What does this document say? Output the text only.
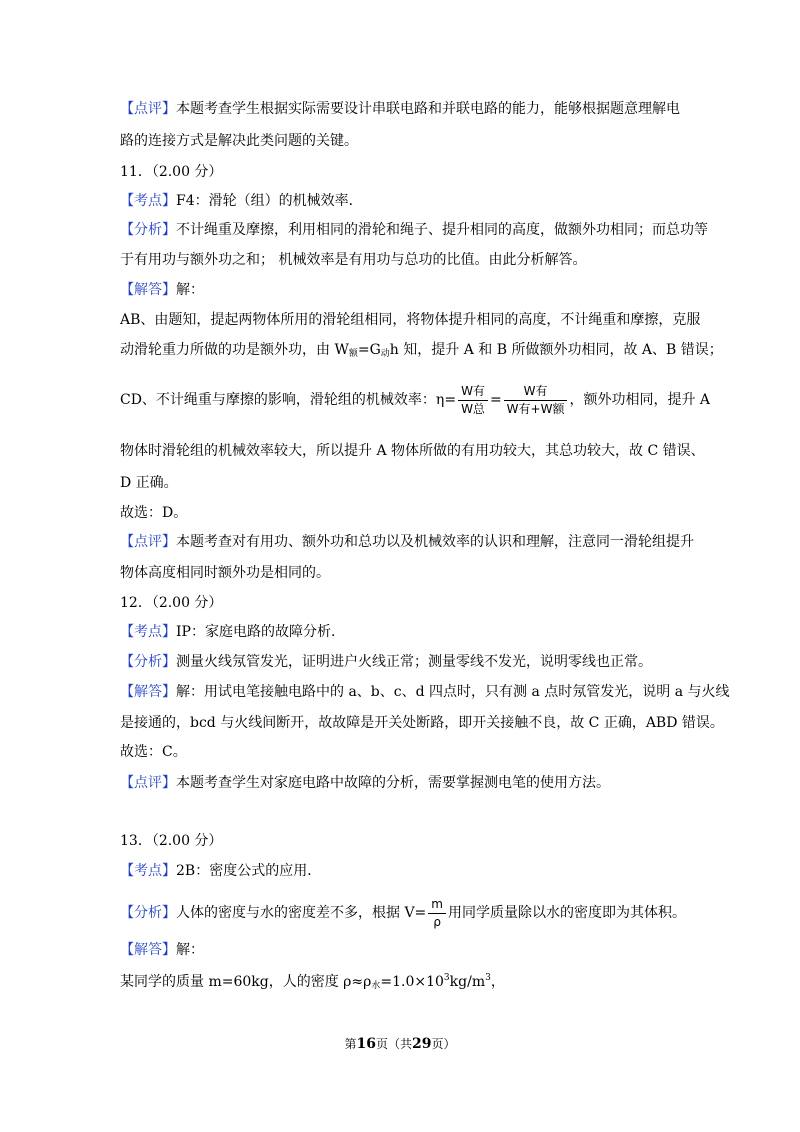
【点评】本题考查学生根据实际需要设计串联电路和并联电路的能力，能够根据题意理解电
路的连接方式是解决此类问题的关键。
11．（2.00 分）
【考点】F4：滑轮（组）的机械效率．
【分析】不计绳重及摩擦，利用相同的滑轮和绳子、提升相同的高度，做额外功相同；而总功等
于有用功与额外功之和； 机械效率是有用功与总功的比值。由此分析解答。
【解答】解：
AB、由题知，提起两物体所用的滑轮组相同，将物体提升相同的高度，不计绳重和摩擦，克服
动滑轮重力所做的功是额外功，由 $W_额=G_动h$ 知，提升 A 和 B 所做额外功相同，故 A、B 错误；
CD、不计绳重与摩擦的影响，滑轮组的机械效率：$\eta= \frac{\text{W有}}{\text{W总}} = \frac{\text{W有}}{\text{W有+W额}}$ ，额外功相同，提升 A
物体时滑轮组的机械效率较大，所以提升 A 物体所做的有用功较大，其总功较大，故 C 错误、
D 正确。
故选：D。
【点评】本题考查对有用功、额外功和总功以及机械效率的认识和理解，注意同一滑轮组提升
物体高度相同时额外功是相同的。
12．（2.00 分）
【考点】IP：家庭电路的故障分析．
【分析】测量火线氖管发光，证明进户火线正常；测量零线不发光，说明零线也正常。
【解答】解：用试电笔接触电路中的 a、b、c、d 四点时，只有测 a 点时氖管发光，说明 a 与火线
是接通的，bcd 与火线间断开，故故障是开关处断路，即开关接触不良，故 C 正确，ABD 错误。
故选：C。
【点评】本题考查学生对家庭电路中故障的分析，需要掌握测电笔的使用方法。
13．（2.00 分）
【考点】2B：密度公式的应用．
【分析】人体的密度与水的密度差不多，根据 $V= \frac{m}{\rho}$ 用同学质量除以水的密度即为其体积。
【解答】解：
某同学的质量 m=60kg，人的密度 $\rho\approx\rho_水=1.0\times 10^3kg/m^3$，
第16页（共29页）
